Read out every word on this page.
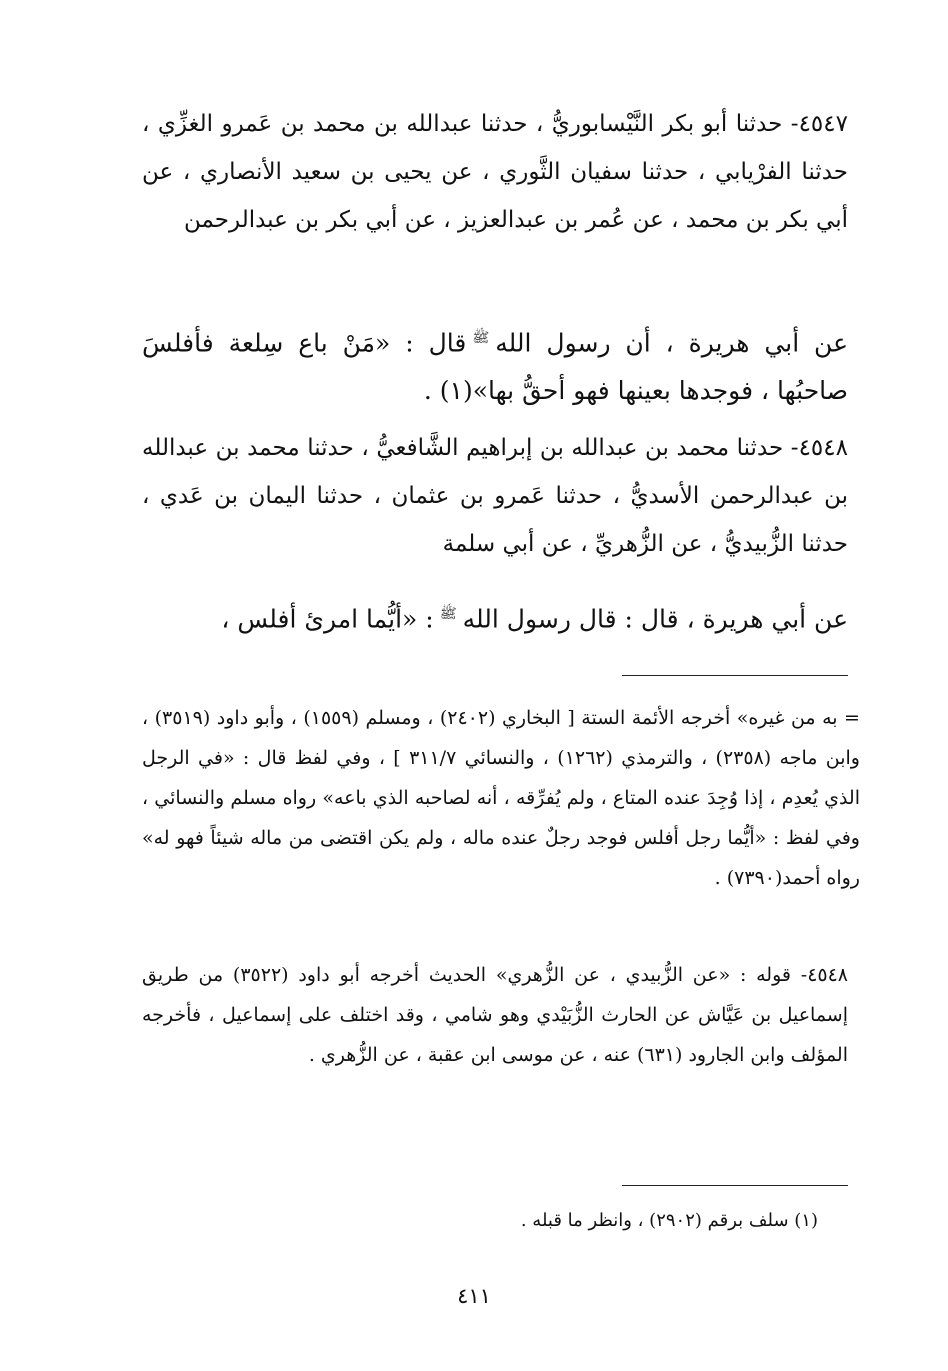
٤٥٤٧- حدثنا أبو بكر النَّيْسابوريُّ ، حدثنا عبدالله بن محمد بن عَمرو الغزِّي ، حدثنا الفرْيابي ، حدثنا سفيان الثَّوري ، عن يحيى بن سعيد الأنصاري ، عن أبي بكر بن محمد ، عن عُمر بن عبدالعزيز ، عن أبي بكر بن عبدالرحمن

عن أبي هريرة ، أن رسول اللهﷺقال : «مَنْ باع سِلعة فأفلسَ صاحبُها ، فوجدها بعينها فهو أحقُّ بها»(١) .

٤٥٤٨- حدثنا محمد بن عبدالله بن إبراهيم الشَّافعيُّ ، حدثنا محمد بن عبدالله بن عبدالرحمن الأسديُّ ، حدثنا عَمرو بن عثمان ، حدثنا اليمان بن عَدي ، حدثنا الزُّبيديُّ ، عن الزُّهريِّ ، عن أبي سلمة

عن أبي هريرة ، قال : قال رسول اللهﷺ: «أيُّما امرئ أفلس ،

= به من غيره» أخرجه الأئمة الستة [ البخاري (٢٤٠٢) ، ومسلم (١٥٥٩) ، وأبو داود (٣٥١٩) ، وابن ماجه (٢٣٥٨) ، والترمذي (١٢٦٢) ، والنسائي ٣١١/٧ ] ، وفي لفظ قال : «في الرجل الذي يُعدِم ، إذا وُجِدَ عنده المتاع ، ولم يُفرِّقه ، أنه لصاحبه الذي باعه» رواه مسلم والنسائي ، وفي لفظ : «أيُّما رجل أفلس فوجد رجلٌ عنده ماله ، ولم يكن اقتضى من ماله شيئاً فهو له» رواه أحمد(٧٣٩٠) .

٤٥٤٨- قوله : «عن الزُّبيدي ، عن الزُّهري» الحديث أخرجه أبو داود (٣٥٢٢) من طريق إسماعيل بن عَيَّاش عن الحارث الزُّبَيْدي وهو شامي ، وقد اختلف على إسماعيل ، فأخرجه المؤلف وابن الجارود (٦٣١) عنه ، عن موسى ابن عقبة ، عن الزُّهري .

(١) سلف برقم (٢٩٠٢) ، وانظر ما قبله .

٤١١
